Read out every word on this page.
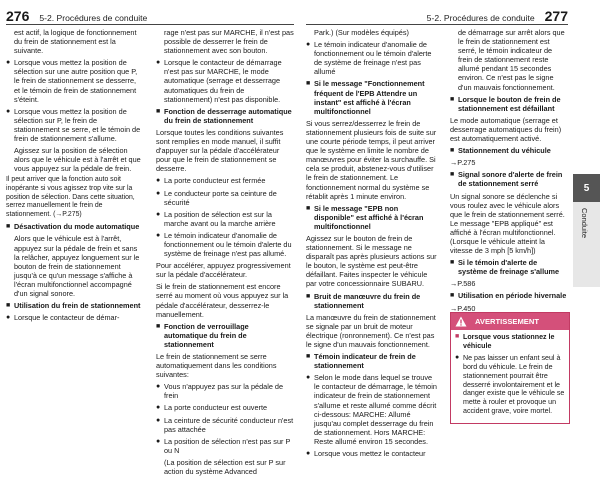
276 5-2. Procédures de conduite	5-2. Procédures de conduite 277

est actif, la logique de fonctionnement du frein de stationnement est la suivante.

● Lorsque vous mettez la position de sélection sur une autre position que P, le frein de stationnement se desserre, et le témoin de frein de stationnement s'éteint.
● Lorsque vous mettez la position de sélection sur P, le frein de stationnement se serre, et le témoin de frein de stationnement s'allume.

Agissez sur la position de sélection alors que le véhicule est à l'arrêt et que vous appuyez sur la pédale de frein.

Il peut arriver que la fonction auto soit inopérante si vous agissez trop vite sur la position de sélection. Dans cette situation, serrez manuellement le frein de stationnement. (→P.275)

■ Désactivation du mode automatique

Alors que le véhicule est à l'arrêt, appuyez sur la pédale de frein et sans la relâcher, appuyez longuement sur le bouton de frein de stationnement jusqu'à ce qu'un message s'affiche à l'écran multifonctionnel accompagné d'un signal sonore.

■ Utilisation du frein de stationnement
● Lorsque le contacteur de démar-

rage n'est pas sur MARCHE, il n'est pas possible de desserrer le frein de stationnement avec son bouton.

● Lorsque le contacteur de démarrage n'est pas sur MARCHE, le mode automatique (serrage et desserrage automatiques du frein de stationnement) n'est pas disponible.
■ Fonction de desserrage automatique du frein de stationnement

Lorsque toutes les conditions suivantes sont remplies en mode manuel, il suffit d'appuyer sur la pédale d'accélérateur pour que le frein de stationnement se desserre.

● La porte conducteur est fermée
● Le conducteur porte sa ceinture de sécurité
● La position de sélection est sur la marche avant ou la marche arrière
● Le témoin indicateur d'anomalie de fonctionnement ou le témoin d'alerte du système de freinage n'est pas allumé.

Pour accélérer, appuyez progressivement sur la pédale d'accélérateur.

Si le frein de stationnement est encore serré au moment où vous appuyez sur la pédale d'accélérateur, desserrez-le manuellement.

■ Fonction de verrouillage automatique du frein de stationnement

Le frein de stationnement se serre automatiquement dans les conditions suivantes:

● Vous n'appuyez pas sur la pédale de frein
● La porte conducteur est ouverte
● La ceinture de sécurité conducteur n'est pas attachée
● La position de sélection n'est pas sur P ou N

(La position de sélection est sur P sur action du système Advanced

Park.) (Sur modèles équipés)

● Le témoin indicateur d'anomalie de fonctionnement ou le témoin d'alerte de système de freinage n'est pas allumé
■ Si le message "Fonctionnement fréquent de l'EPB Attendre un instant" est affiché à l'écran multifonctionnel

Si vous serrez/desserrez le frein de stationnement plusieurs fois de suite sur une courte période temps, il peut arriver que le système en limite le nombre de manœuvres pour éviter la surchauffe. Si cela se produit, abstenez-vous d'utiliser le frein de stationnement. Le fonctionnement normal du système se rétablit après 1 minute environ.

■ Si le message "EPB non disponible" est affiché à l'écran multifonctionnel

Agissez sur le bouton de frein de stationnement. Si le message ne disparaît pas après plusieurs actions sur le bouton, le système est peut-être défaillant. Faites inspecter le véhicule par votre concessionnaire SUBARU.

■ Bruit de manœuvre du frein de stationnement

La manœuvre du frein de stationnement se signale par un bruit de moteur électrique (ronronnement). Ce n'est pas le signe d'un mauvais fonctionnement.

■ Témoin indicateur de frein de stationnement
● Selon le mode dans lequel se trouve le contacteur de démarrage, le témoin indicateur de frein de stationnement s'allume et reste allumé comme décrit ci-dessous: MARCHE: Allumé jusqu'au complet desserrage du frein de stationnement. Hors MARCHE: Reste allumé environ 15 secondes.
● Lorsque vous mettez le contacteur

de démarrage sur arrêt alors que le frein de stationnement est serré, le témoin indicateur de frein de stationnement reste allumé pendant 15 secondes environ. Ce n'est pas le signe d'un mauvais fonctionnement.

■ Lorsque le bouton de frein de stationnement est défaillant

Le mode automatique (serrage et desserrage automatiques du frein) est automatiquement activé.

■ Stationnement du véhicule

→P.275

■ Signal sonore d'alerte de frein de stationnement serré

Un signal sonore se déclenche si vous roulez avec le véhicule alors que le frein de stationnement serré. Le message "EPB appliqué" est affiché à l'écran multifonctionnel. (Lorsque le véhicule atteint la vitesse de 3 mph [5 km/h])

■ Si le témoin d'alerte de système de freinage s'allume

→P.586

■ Utilisation en période hivernale

→P.450

AVERTISSEMENT
■ Lorsque vous stationnez le véhicule
● Ne pas laisser un enfant seul à bord du véhicule. Le frein de stationnement pourrait être desserré involontairement et le danger existe que le véhicule se mette à rouler et provoque un accident grave, voire mortel.
5
Conduite
